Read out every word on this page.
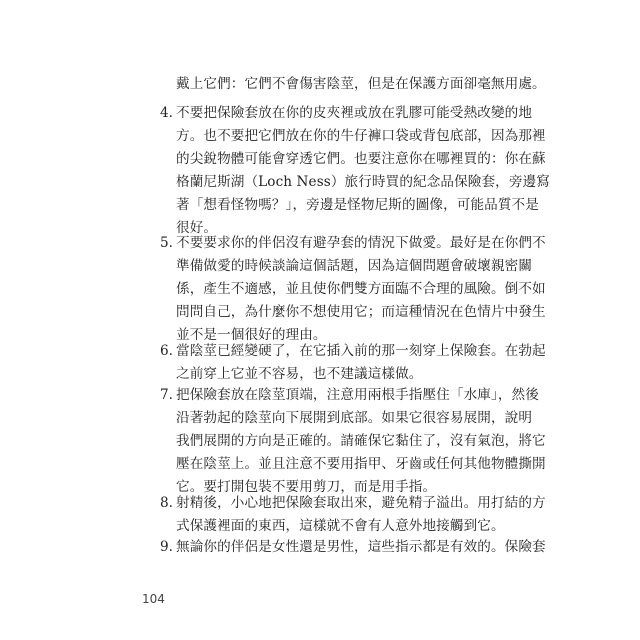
戴上它們：它們不會傷害陰莖，但是在保護方面卻毫無用處。
4. 不要把保險套放在你的皮夾裡或放在乳膠可能受熱改變的地
方。也不要把它們放在你的牛仔褲口袋或背包底部，因為那裡
的尖銳物體可能會穿透它們。也要注意你在哪裡買的：你在蘇
格蘭尼斯湖（Loch Ness）旅行時買的紀念品保險套，旁邊寫
著「想看怪物嗎？」，旁邊是怪物尼斯的圖像，可能品質不是
很好。
5. 不要要求你的伴侶沒有避孕套的情況下做愛。最好是在你們不
準備做愛的時候談論這個話題，因為這個問題會破壞親密關
係，產生不適感，並且使你們雙方面臨不合理的風險。倒不如
問問自己，為什麼你不想使用它；而這種情況在色情片中發生
並不是一個很好的理由。
6. 當陰莖已經變硬了，在它插入前的那一刻穿上保險套。在勃起
之前穿上它並不容易，也不建議這樣做。
7. 把保險套放在陰莖頂端，注意用兩根手指壓住「水庫」，然後
沿著勃起的陰莖向下展開到底部。如果它很容易展開，說明
我們展開的方向是正確的。請確保它黏住了，沒有氣泡，將它
壓在陰莖上。並且注意不要用指甲、牙齒或任何其他物體撕開
它。要打開包裝不要用剪刀，而是用手指。
8. 射精後，小心地把保險套取出來，避免精子溢出。用打結的方
式保護裡面的東西，這樣就不會有人意外地接觸到它。
9. 無論你的伴侶是女性還是男性，這些指示都是有效的。保險套
104
